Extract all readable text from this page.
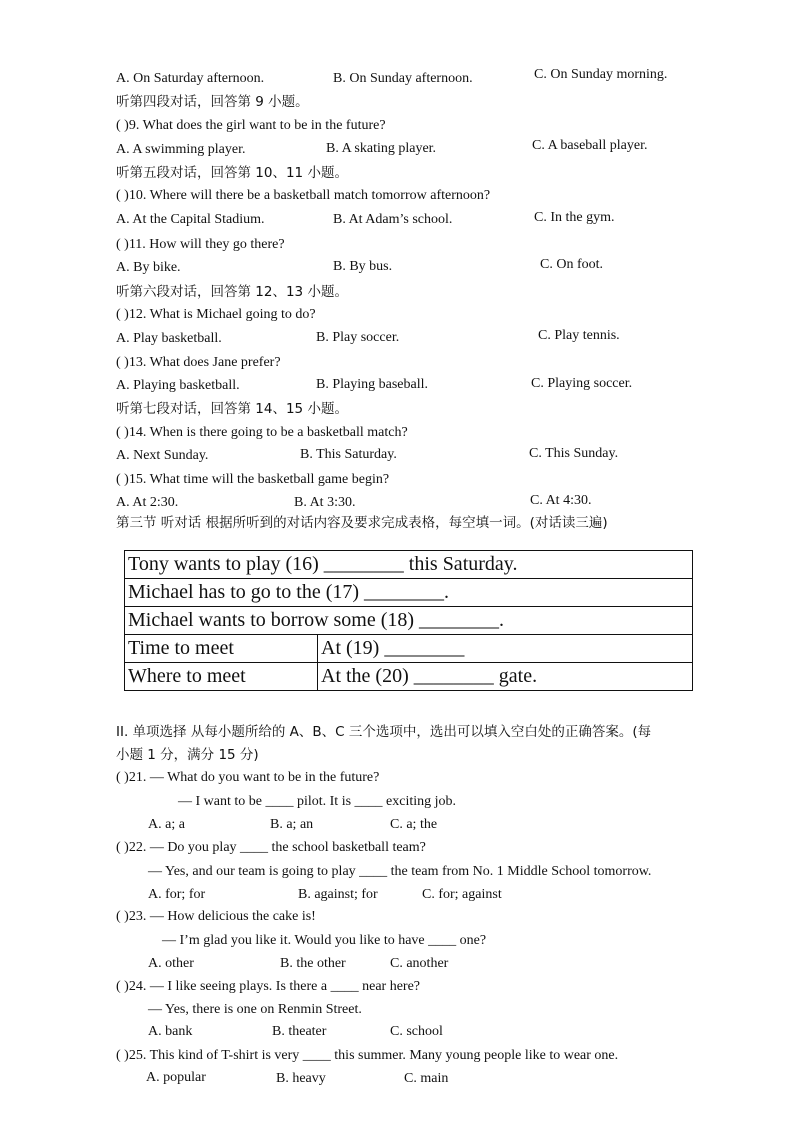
A. On Saturday afternoon.	B. On Sunday afternoon.	C. On Sunday morning.
听第四段对话，回答第 9 小题。
( )9. What does the girl want to be in the future?
A. A swimming player.	B. A skating player.	C. A baseball player.
听第五段对话，回答第 10、11 小题。
( )10. Where will there be a basketball match tomorrow afternoon?
A. At the Capital Stadium.	B. At Adam’s school.	C. In the gym.
( )11. How will they go there?
A. By bike.	B. By bus.	C. On foot.
听第六段对话，回答第 12、13 小题。
( )12. What is Michael going to do?
A. Play basketball.	B. Play soccer.	C. Play tennis.
( )13. What does Jane prefer?
A. Playing basketball.	B. Playing baseball.	C. Playing soccer.
听第七段对话，回答第 14、15 小题。
( )14. When is there going to be a basketball match?
A. Next Sunday.	B. This Saturday.	C. This Sunday.
( )15. What time will the basketball game begin?
A. At 2:30.	B. At 3:30.	C. At 4:30.
第三节 听对话 根据所听到的对话内容及要求完成表格，每空填一词。(对话读三遍)
Tony wants to play (16) ________ this Saturday.	
Michael has to go to the (17) ________.	
Michael wants to borrow some (18) ________.	
Time to meet	At (19) ________
Where to meet	At the (20) ________ gate.
II. 单项选择 从每小题所给的 A、B、C 三个选项中，选出可以填入空白处的正确答案。(每
小题 1 分，满分 15 分)
( )21. — What do you want to be in the future?
— I want to be ____ pilot. It is ____ exciting job.
A. a; a	B. a; an	C. a; the
( )22. — Do you play ____ the school basketball team?
— Yes, and our team is going to play ____ the team from No. 1 Middle School tomorrow.
A. for; for	B. against; for	C. for; against
( )23. — How delicious the cake is!
— I’m glad you like it. Would you like to have ____ one?
A. other	B. the other	C. another
( )24. — I like seeing plays. Is there a ____ near here?
— Yes, there is one on Renmin Street.
A. bank	B. theater	C. school
( )25. This kind of T-shirt is very ____ this summer. Many young people like to wear one.
A. popular	B. heavy	C. main
